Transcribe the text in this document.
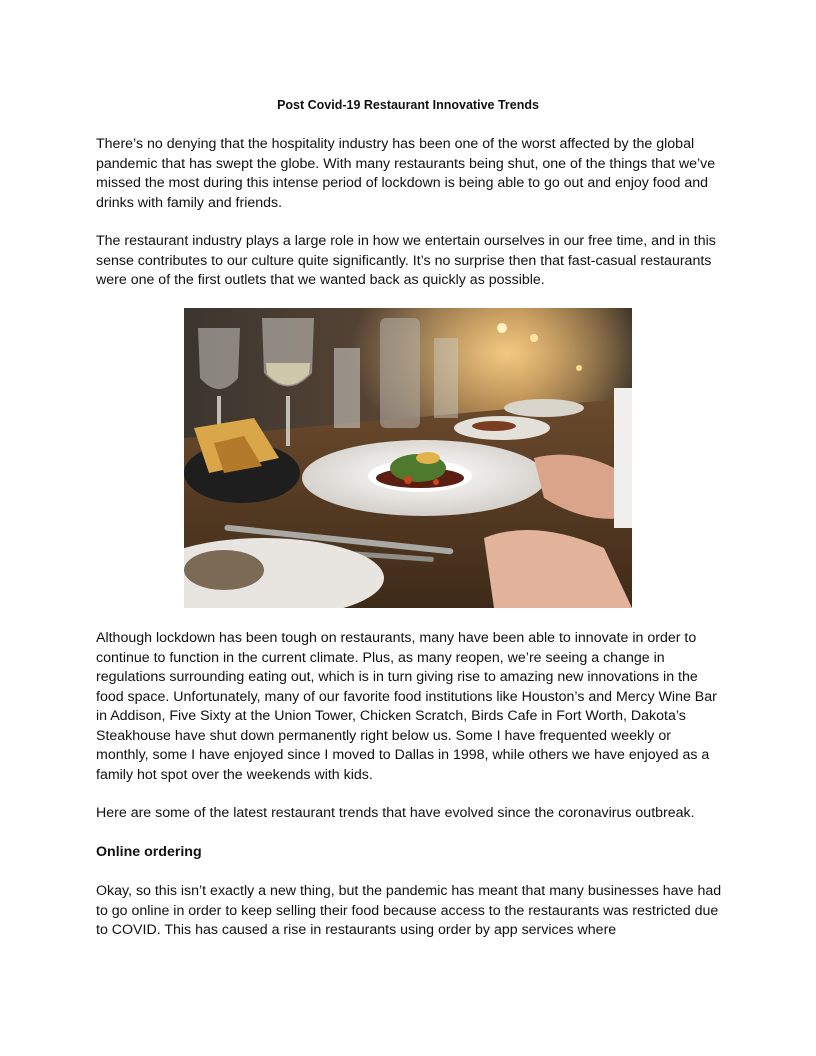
Post Covid-19 Restaurant Innovative Trends

There’s no denying that the hospitality industry has been one of the worst affected by the global pandemic that has swept the globe. With many restaurants being shut, one of the things that we’ve missed the most during this intense period of lockdown is being able to go out and enjoy food and drinks with family and friends.

The restaurant industry plays a large role in how we entertain ourselves in our free time, and in this sense contributes to our culture quite significantly. It’s no surprise then that fast-casual restaurants were one of the first outlets that we wanted back as quickly as possible.

Although lockdown has been tough on restaurants, many have been able to innovate in order to continue to function in the current climate. Plus, as many reopen, we’re seeing a change in regulations surrounding eating out, which is in turn giving rise to amazing new innovations in the food space. Unfortunately, many of our favorite food institutions like Houston’s and Mercy Wine Bar in Addison, Five Sixty at the Union Tower, Chicken Scratch, Birds Cafe in Fort Worth, Dakota’s Steakhouse have shut down permanently right below us. Some I have frequented weekly or monthly, some I have enjoyed since I moved to Dallas in 1998, while others we have enjoyed as a family hot spot over the weekends with kids.

Here are some of the latest restaurant trends that have evolved since the coronavirus outbreak.

Online ordering

Okay, so this isn’t exactly a new thing, but the pandemic has meant that many businesses have had to go online in order to keep selling their food because access to the restaurants was restricted due to COVID. This has caused a rise in restaurants using order by app services where
